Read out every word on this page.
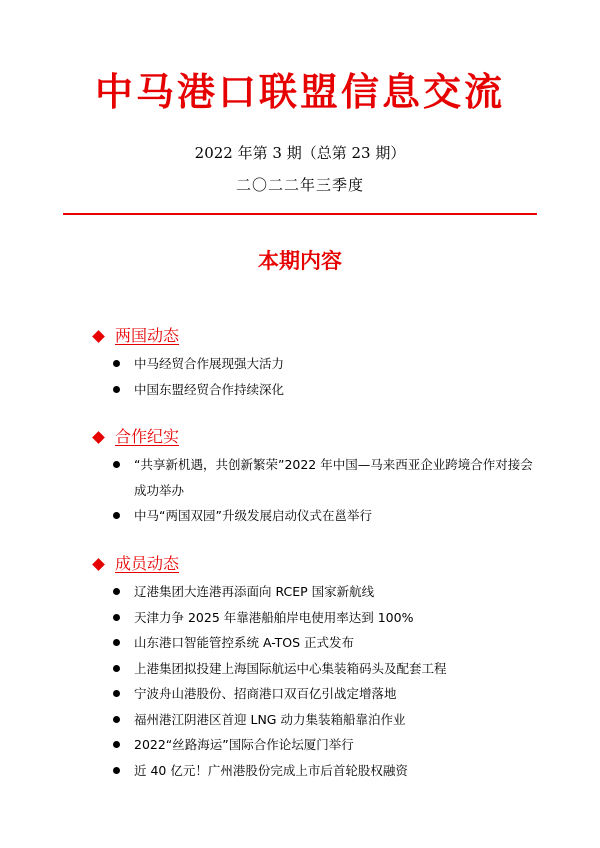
中马港口联盟信息交流
2022 年第 3 期（总第 23 期）
二〇二二年三季度
本期内容
两国动态
中马经贸合作展现强大活力
中国东盟经贸合作持续深化
合作纪实
“共享新机遇，共创新繁荣”2022 年中国—马来西亚企业跨境合作对接会成功举办
中马“两国双园”升级发展启动仪式在邕举行
成员动态
辽港集团大连港再添面向 RCEP 国家新航线
天津力争 2025 年靠港船舶岸电使用率达到 100%
山东港口智能管控系统 A-TOS 正式发布
上港集团拟投建上海国际航运中心集装箱码头及配套工程
宁波舟山港股份、招商港口双百亿引战定增落地
福州港江阴港区首迎 LNG 动力集装箱船靠泊作业
2022“丝路海运”国际合作论坛厦门举行
近 40 亿元！广州港股份完成上市后首轮股权融资
